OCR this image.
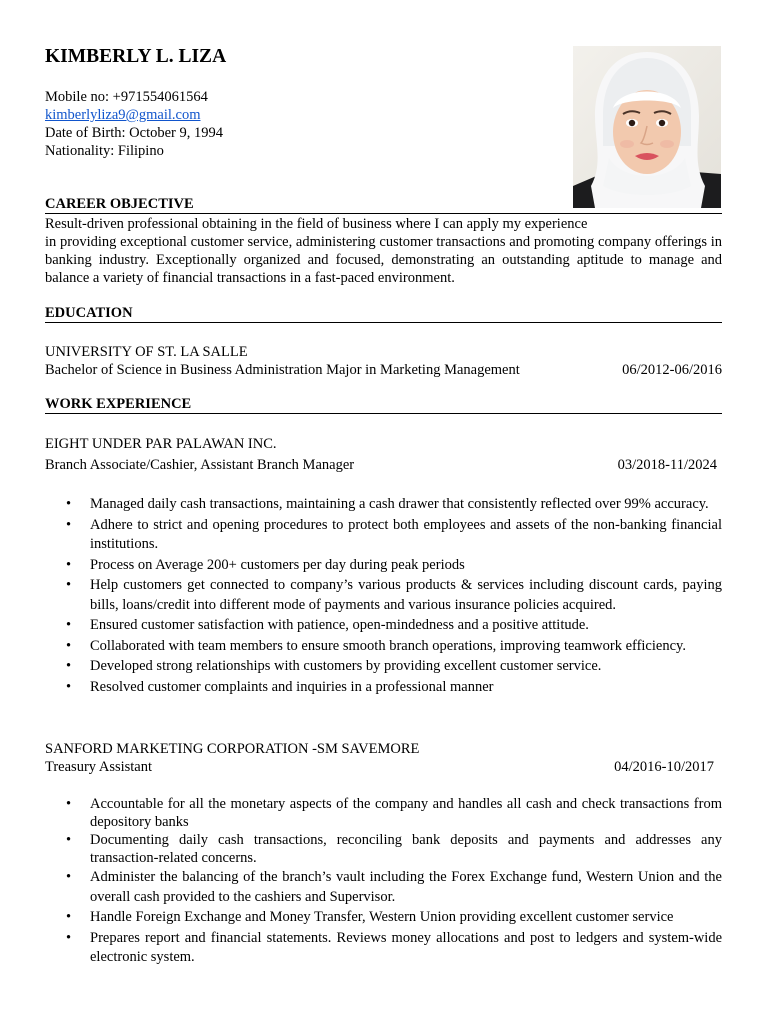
KIMBERLY L. LIZA
Mobile no: +971554061564
kimberlyliza9@gmail.com
Date of Birth: October 9, 1994
Nationality: Filipino
CAREER OBJECTIVE
Result-driven professional obtaining in the field of business where I can apply my experience
in providing exceptional customer service, administering customer transactions and promoting company offerings in banking industry. Exceptionally organized and focused, demonstrating an outstanding aptitude to manage and balance a variety of financial transactions in a fast-paced environment.
EDUCATION
UNIVERSITY OF ST. LA SALLE
Bachelor of Science in Business Administration Major in Marketing Management	06/2012-06/2016
WORK EXPERIENCE
EIGHT UNDER PAR PALAWAN INC.
Branch Associate/Cashier, Assistant Branch Manager	03/2018-11/2024
• Managed daily cash transactions, maintaining a cash drawer that consistently reflected over 99% accuracy.
• Adhere to strict and opening procedures to protect both employees and assets of the non-banking financial institutions.
• Process on Average 200+ customers per day during peak periods
• Help customers get connected to company’s various products & services including discount cards, paying bills, loans/credit into different mode of payments and various insurance policies acquired.
• Ensured customer satisfaction with patience, open-mindedness and a positive attitude.
• Collaborated with team members to ensure smooth branch operations, improving teamwork efficiency.
• Developed strong relationships with customers by providing excellent customer service.
• Resolved customer complaints and inquiries in a professional manner
SANFORD MARKETING CORPORATION -SM SAVEMORE
Treasury Assistant	04/2016-10/2017
• Accountable for all the monetary aspects of the company and handles all cash and check transactions from depository banks
• Documenting daily cash transactions, reconciling bank deposits and payments and addresses any transaction-related concerns.
• Administer the balancing of the branch’s vault including the Forex Exchange fund, Western Union and the overall cash provided to the cashiers and Supervisor.
• Handle Foreign Exchange and Money Transfer, Western Union providing excellent customer service
• Prepares report and financial statements. Reviews money allocations and post to ledgers and system-wide electronic system.
